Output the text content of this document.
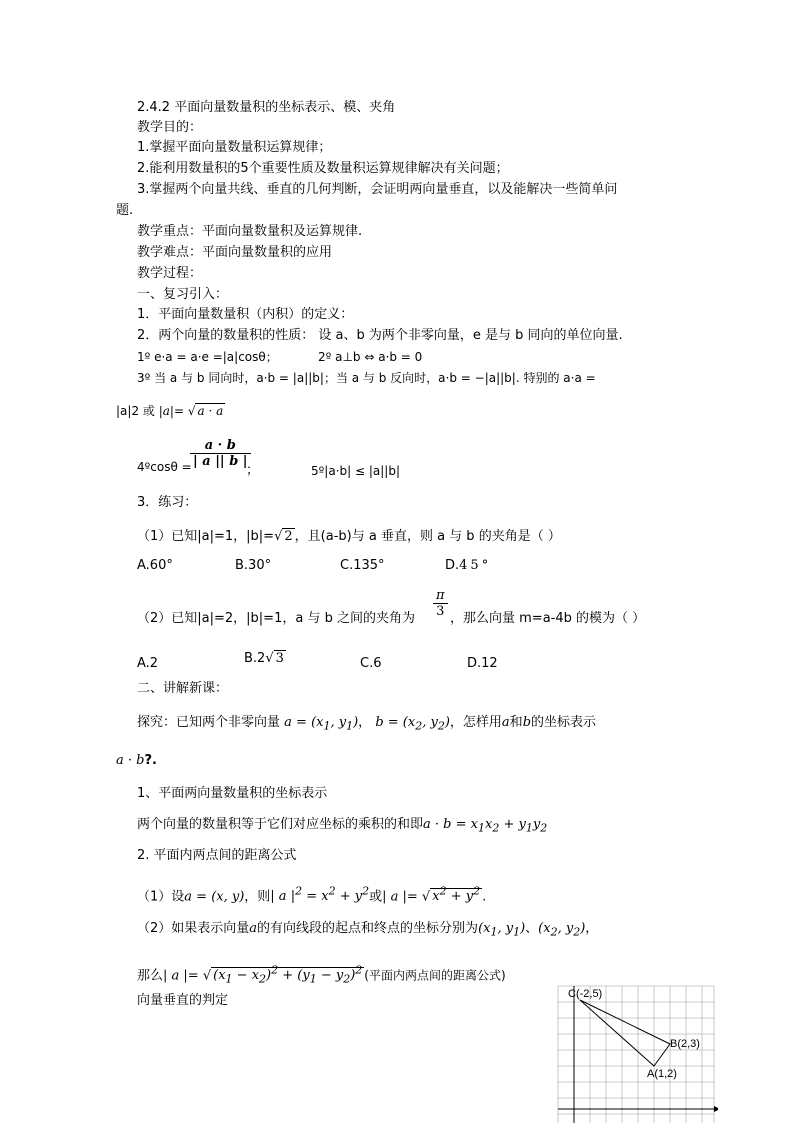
2.4.2 平面向量数量积的坐标表示、模、夹角
教学目的：
1.掌握平面向量数量积运算规律；
2.能利用数量积的5个重要性质及数量积运算规律解决有关问题；
3.掌握两个向量共线、垂直的几何判断，会证明两向量垂直，以及能解决一些简单问
题.
教学重点：平面向量数量积及运算规律.
教学难点：平面向量数量积的应用
教学过程：
一、复习引入：
1．平面向量数量积（内积）的定义：
2．两个向量的数量积的性质： 设 a、b 为两个非零向量，e 是与 b 同向的单位向量.
1º e·a = a·e =|a|cosθ；	2º a⊥b ⇔ a·b = 0
3º 当 a 与 b 同向时，a·b = |a||b|；当 a 与 b 反向时，a·b = −|a||b|. 特别的 a·a =
|a|2 或 |a|= √ a · a
4ºcosθ =
$\frac{a \cdot b}{| a || b |}$
；	5º|a·b| ≤ |a||b|
3．练习：
（1）已知|a|=1，|b|=√ 2 ，且(a-b)与 a 垂直，则 a 与 b 的夹角是（ ）
A.60°	B.30°	C.135°	D.45°
（2）已知|a|=2，|b|=1，a 与 b 之间的夹角为 $\frac{\pi}{3}$ ，那么向量 m=a-4b 的模为（ ）
A.2	B.2√ 3	C.6	D.12
二、讲解新课：
探究：已知两个非零向量 $a = (x_1$, $y_1$)， $b = (x_2$, $y_2$)，怎样用a和b的坐标表示
a · b?.
1、平面两向量数量积的坐标表示
两个向量的数量积等于它们对应坐标的乘积的和即$a \cdot b = x_1x_2 + y_1y_2$
2. 平面内两点间的距离公式
（1）设a = (x, y)，则| a $|^2 = x^2 + y^2$或| a |= √ $x^2 + y^2$ .
（2）如果表示向量a的有向线段的起点和终点的坐标分别为($x_1$, $y_1$)、($x_2$, $y_2$)，
那么| a |= √ $(x_1 - x_2)^2 + (y_1 - y_2)^2$ (平面内两点间的距离公式)
向量垂直的判定	C(-2,5)
B(2,3)
A(1,2)
